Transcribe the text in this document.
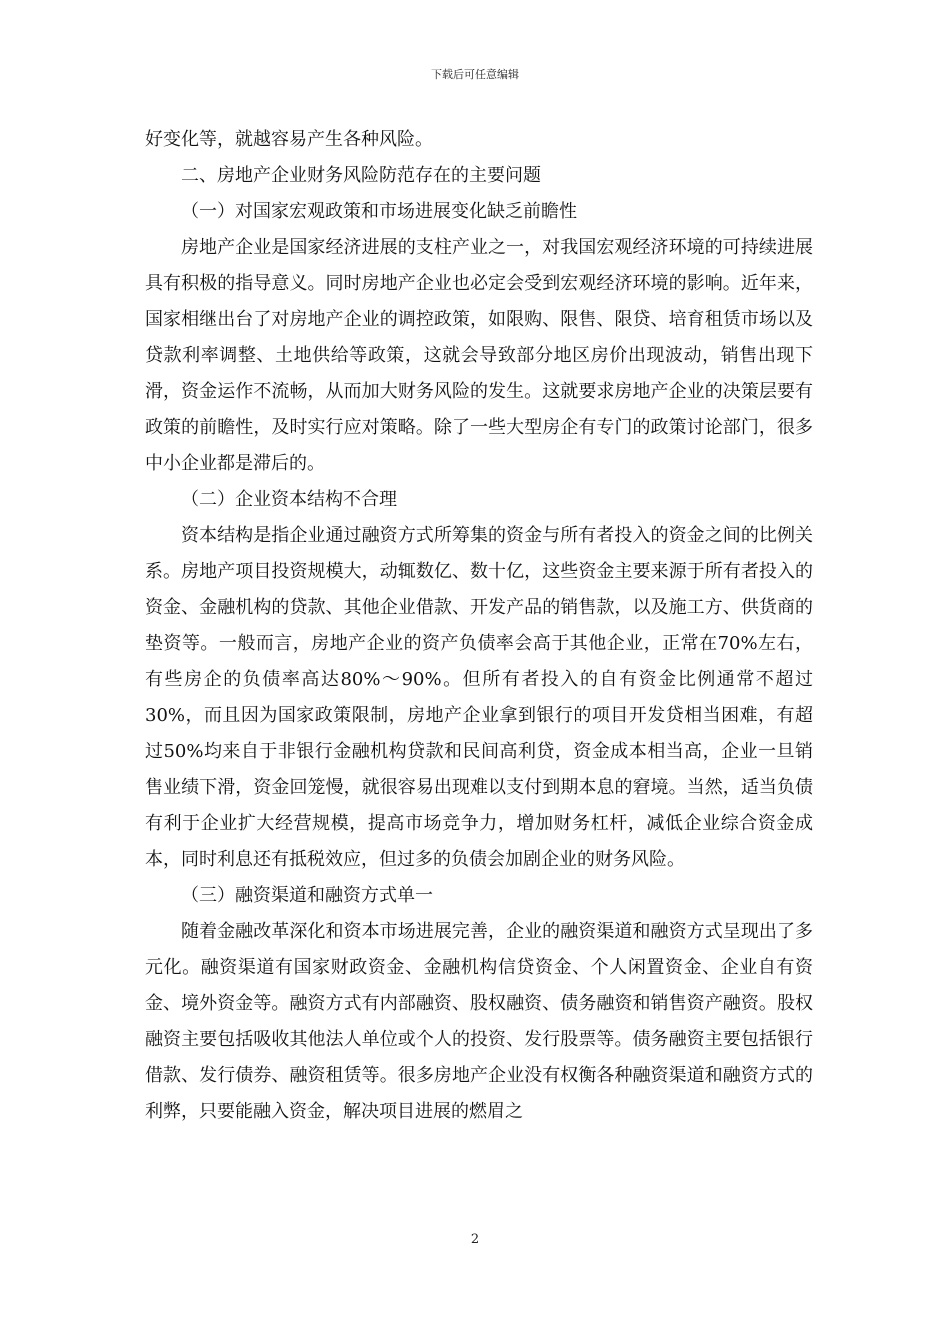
下载后可任意编辑

好变化等，就越容易产生各种风险。

二、房地产企业财务风险防范存在的主要问题

（一）对国家宏观政策和市场进展变化缺乏前瞻性

房地产企业是国家经济进展的支柱产业之一，对我国宏观经济环境的可持续进展具有积极的指导意义。同时房地产企业也必定会受到宏观经济环境的影响。近年来，国家相继出台了对房地产企业的调控政策，如限购、限售、限贷、培育租赁市场以及贷款利率调整、土地供给等政策，这就会导致部分地区房价出现波动，销售出现下滑，资金运作不流畅，从而加大财务风险的发生。这就要求房地产企业的决策层要有政策的前瞻性，及时实行应对策略。除了一些大型房企有专门的政策讨论部门，很多中小企业都是滞后的。

（二）企业资本结构不合理

资本结构是指企业通过融资方式所筹集的资金与所有者投入的资金之间的比例关系。房地产项目投资规模大，动辄数亿、数十亿，这些资金主要来源于所有者投入的资金、金融机构的贷款、其他企业借款、开发产品的销售款，以及施工方、供货商的垫资等。一般而言，房地产企业的资产负债率会高于其他企业，正常在70%左右，有些房企的负债率高达80%～90%。但所有者投入的自有资金比例通常不超过30%，而且因为国家政策限制，房地产企业拿到银行的项目开发贷相当困难，有超过50%均来自于非银行金融机构贷款和民间高利贷，资金成本相当高，企业一旦销售业绩下滑，资金回笼慢，就很容易出现难以支付到期本息的窘境。当然，适当负债有利于企业扩大经营规模，提高市场竞争力，增加财务杠杆，减低企业综合资金成本，同时利息还有抵税效应，但过多的负债会加剧企业的财务风险。

（三）融资渠道和融资方式单一

随着金融改革深化和资本市场进展完善，企业的融资渠道和融资方式呈现出了多元化。融资渠道有国家财政资金、金融机构信贷资金、个人闲置资金、企业自有资金、境外资金等。融资方式有内部融资、股权融资、债务融资和销售资产融资。股权融资主要包括吸收其他法人单位或个人的投资、发行股票等。债务融资主要包括银行借款、发行债券、融资租赁等。很多房地产企业没有权衡各种融资渠道和融资方式的利弊，只要能融入资金，解决项目进展的燃眉之

2
